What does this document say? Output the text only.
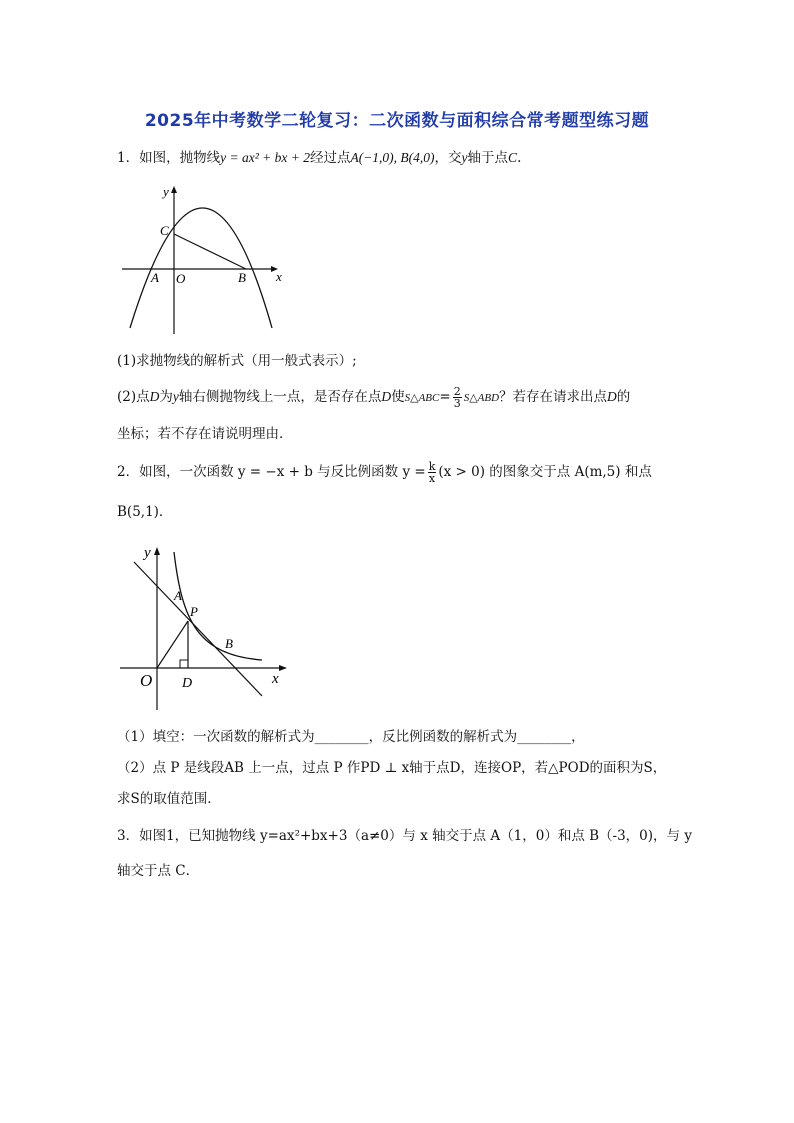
2025年中考数学二轮复习：二次函数与面积综合常考题型练习题
1．如图，抛物线y = ax² + bx + 2经过点A(−1,0), B(4,0)，交y轴于点C.
y
x
C
A O	B
(1)求抛物线的解析式（用一般式表示）;
(2)点D为y轴右侧抛物线上一点，是否存在点D使S△ABC= $\frac{2}{3}$ S△ABD？若存在请求出点D的
坐标；若不存在请说明理由．
2．如图，一次函数 y = −x + b 与反比例函数 $y = \frac{k}{x} (x > 0)$ 的图象交于点 A(m,5) 和点
B(5,1)．
y
x
A
P
B
O D
（1）填空：一次函数的解析式为________，反比例函数的解析式为________，
（2）点 P 是线段AB 上一点，过点 P 作PD ⊥ x轴于点D，连接OP，若△POD的面积为S，
求S的取值范围．
3．如图1，已知抛物线 y=ax²+bx+3（a≠0）与 x 轴交于点 A（1，0）和点 B（-3，0)，与 y
轴交于点 C．
